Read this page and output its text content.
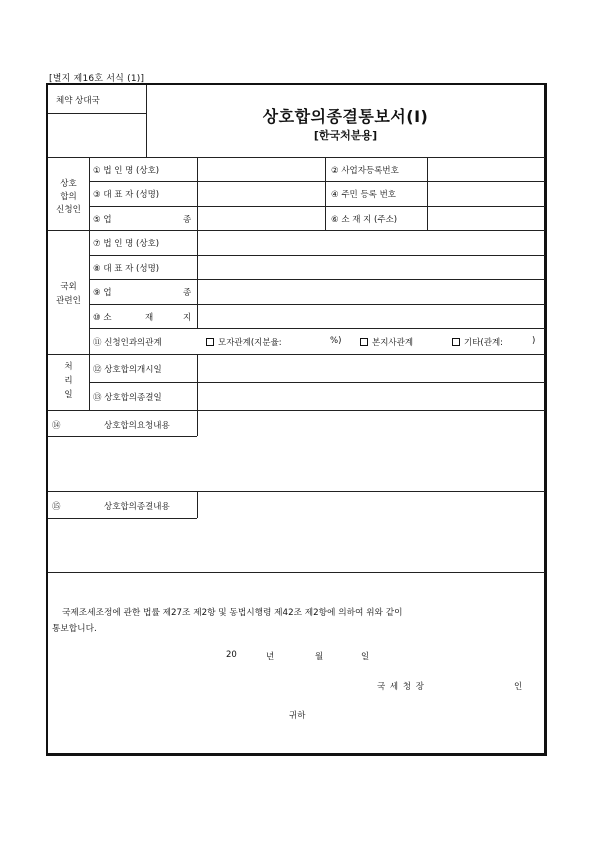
[별지 제16호 서식 (1)]
체약 상대국
상호합의종결통보서(Ⅰ)
[한국처분용]
상호
합의
신청인
① 법 인 명 (상호)	② 사업자등록번호
③ 대 표 자 (성명)	④ 주민 등록 번호
⑤ 업	종	⑥ 소 재 지 (주소)
국외
관련인
⑦ 법 인 명 (상호)
⑧ 대 표 자 (성명)
⑨ 업	종
⑩ 소	재	지
⑪ 신청인과의관계	모자관계(지분율:	%)	본지사관계	기타(관계:	)
처
리
일
⑫ 상호합의개시일
⑬ 상호합의종결일
⑭	상호합의요청내용
⑮	상호합의종결내용
국제조세조정에 관한 법률 제27조 제2항 및 동법시행령 제42조 제2항에 의하여 위와 같이
통보합니다.
20	년	월	일
국 세 청 장	인
귀하
